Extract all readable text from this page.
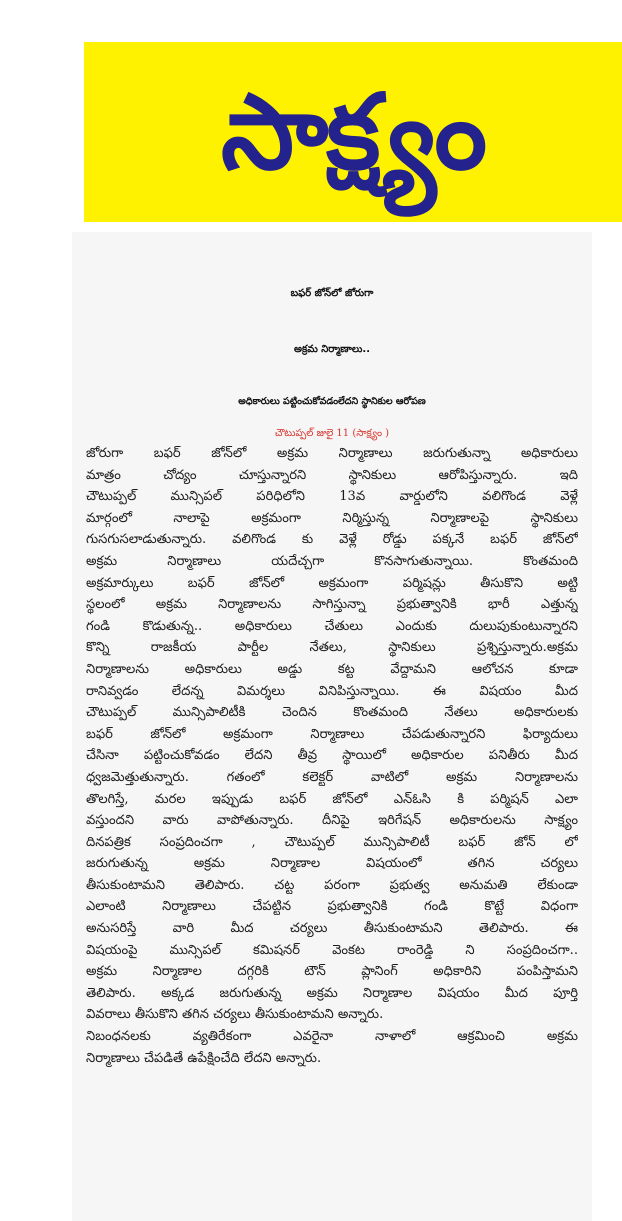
సాక్ష్యం
బఫర్ జోన్‌లో జోరుగా
అక్రమ నిర్మాణాలు..
అధికారులు పట్టించుకోవడంలేదని స్థానికుల ఆరోపణ
చౌటుప్పల్ జులై 11 (సాక్ష్యం )
జోరుగా బఫర్ జోన్‌లో అక్రమ నిర్మాణాలు జరుగుతున్నా అధికారులు
మాత్రం చోద్యం చూస్తున్నారని స్థానికులు ఆరోపిస్తున్నారు. ఇది
చౌటుప్పల్ మున్సిపల్ పరిధిలోని 13వ వార్డులోని వలిగొండ వెళ్లే
మార్గంలో నాలాపై అక్రమంగా నిర్మిస్తున్న నిర్మాణాలపై స్థానికులు
గుసగుసలాడుతున్నారు. వలిగొండ కు వెళ్లే రోడ్డు పక్కనే బఫర్ జోన్‌లో
అక్రమ నిర్మాణాలు యదేచ్చగా కొనసాగుతున్నాయి. కొంతమంది
అక్రమార్కులు బఫర్ జోన్‌లో అక్రమంగా పర్మిషన్లు తీసుకొని అట్టి
స్థలంలో అక్రమ నిర్మాణాలను సాగిస్తున్నా ప్రభుత్వానికి భారీ ఎత్తున్న
గండి కొడుతున్న.. అధికారులు చేతులు ఎందుకు దులుపుకుంటున్నారని
కొన్ని రాజకీయ పార్టీల నేతలు, స్థానికులు ప్రశ్నిస్తున్నారు.అక్రమ
నిర్మాణాలను అధికారులు అడ్డు కట్ట వేద్దామని ఆలోచన కూడా
రానివ్వడం లేదన్న విమర్శలు వినిపిస్తున్నాయి. ఈ విషయం మీద
చౌటుప్పల్ మున్సిపాలిటీకి చెందిన కొంతమంది నేతలు అధికారులకు
బఫర్ జోన్‌లో అక్రమంగా నిర్మాణాలు చేపడుతున్నారని ఫిర్యాదులు
చేసినా పట్టించుకోవడం లేదని తీవ్ర స్థాయిలో అధికారుల పనితీరు మీద
ధ్వజమెత్తుతున్నారు. గతంలో కలెక్టర్ వాటిలో అక్రమ నిర్మాణాలను
తొలగిస్తే, మరల ఇప్పుడు బఫర్ జోన్‌లో ఎన్‌ఓసి కి పర్మిషన్ ఎలా
వస్తుందని వారు వాపోతున్నారు. దీనిపై ఇరిగేషన్ అధికారులను సాక్ష్యం
దినపత్రిక సంప్రదించగా , చౌటుప్పల్ మున్సిపాలిటీ బఫర్ జోన్ లో
జరుగుతున్న అక్రమ నిర్మాణాల విషయంలో తగిన చర్యలు
తీసుకుంటామని తెలిపారు. చట్ట పరంగా ప్రభుత్వ అనుమతి లేకుండా
ఎలాంటి నిర్మాణాలు చేపట్టిన ప్రభుత్వానికి గండి కొట్టే విధంగా
అనుసరిస్తే వారి మీద చర్యలు తీసుకుంటామని తెలిపారు. ఈ
విషయంపై మున్సిపల్ కమిషనర్ వెంకట రాంరెడ్డి ని సంప్రదించగా..
అక్రమ నిర్మాణాల దగ్గరికి టౌన్ ప్లానింగ్ అధికారిని పంపిస్తామని
తెలిపారు. అక్కడ జరుగుతున్న అక్రమ నిర్మాణాల విషయం మీద పూర్తి
వివరాలు తీసుకొని తగిన చర్యలు తీసుకుంటామని అన్నారు.
నిబంధనలకు వ్యతిరేకంగా ఎవరైనా నాళాలో ఆక్రమించి అక్రమ
నిర్మాణాలు చేపడితే ఉపేక్షించేది లేదని అన్నారు.
